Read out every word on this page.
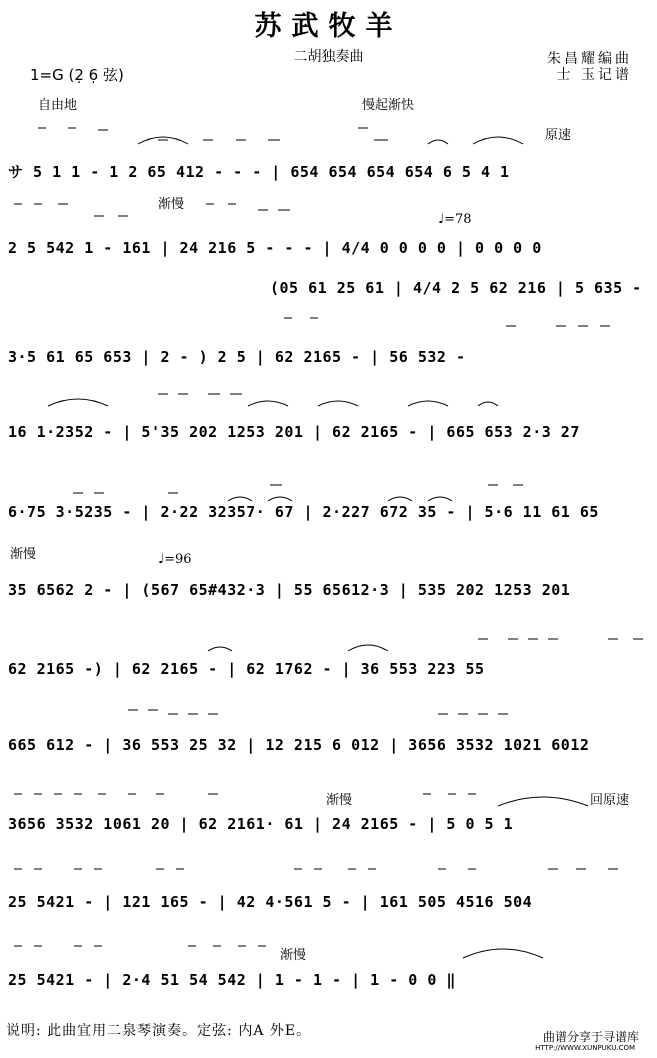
苏武牧羊
二胡独奏曲	朱昌耀编曲
士 玉记谱
1=G (2̣ 6̣ 弦)
自由地	慢起渐快
原速
渐慢
♩=78
渐慢	♩=96
渐慢	回原速
渐慢
サ 5 1 1 - 1 2 65 412 - - - | 654 654 654 654 6 5 4 1
2 5 542 1 - 161 | 24 216 5 - - - | 4/4 0 0 0 0 | 0 0 0 0
(05 61 25 61 | 4/4 2 5 62 216 | 5 635 -
3·5 61 65 653 | 2 - ) 2 5 | 62 2165 - | 56 532 -
16 1·2352 - | 5'35 202 1253 201 | 62 2165 - | 665 653 2·3 27
6·75 3·5235 - | 2·22 32357· 67 | 2·227 672 35 - | 5·6 11 61 65
35 6562 2 - | (567 65#432·3 | 55 65612·3 | 535 202 1253 201
62 2165 -) | 62 2165 - | 62 1762 - | 36 553 223 55
665 612 - | 36 553 25 32 | 12 215 6 012 | 3656 3532 1021 6012
3656 3532 1061 20 | 62 2161· 61 | 24 2165 - | 5 0 5 1
25 5421 - | 121 165 - | 42 4·561 5 - | 161 505 4516 504
25 5421 - | 2·4 51 54 542 | 1 - 1 - | 1 - 0 0 ‖
说明: 此曲宜用二泉琴演奏。定弦: 内A 外E。	曲谱分享于寻谱库
HTTP://WWW.XUNPUKU.COM
